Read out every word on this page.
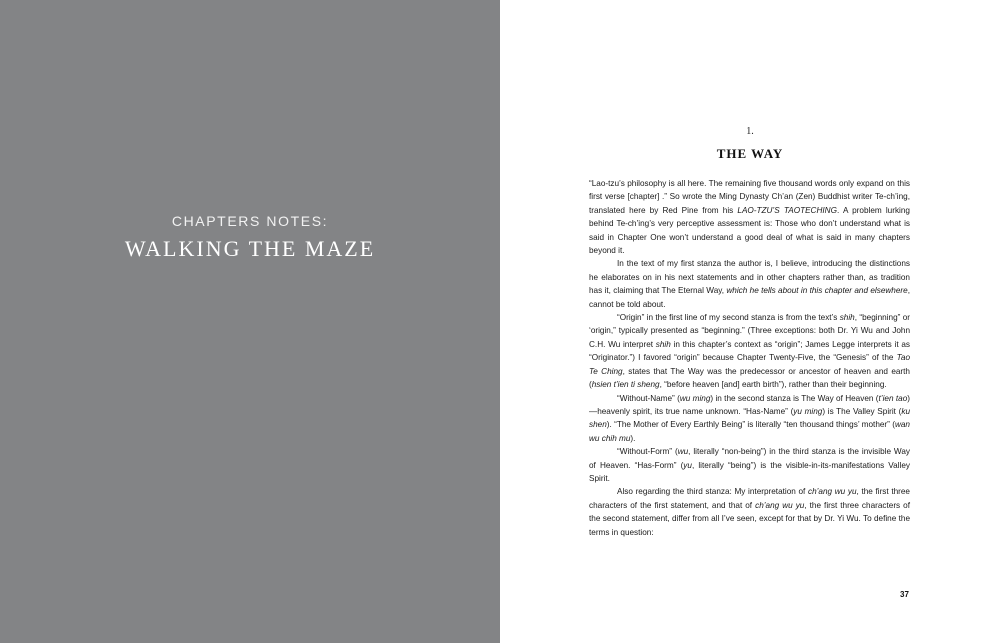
CHAPTERS NOTES:
WALKING THE MAZE
1.
THE WAY

“Lao-tzu’s philosophy is all here. The remaining five thousand words only expand on this first verse [chapter] .” So wrote the Ming Dynasty Ch’an (Zen) Buddhist writer Te-ch’ing, translated here by Red Pine from his LAO-TZU’S TAOTECHING. A problem lurking behind Te-ch’ing’s very perceptive assessment is: Those who don’t understand what is said in Chapter One won’t understand a good deal of what is said in many chapters beyond it.

In the text of my first stanza the author is, I believe, introducing the distinctions he elaborates on in his next statements and in other chapters rather than, as tradition has it, claiming that The Eternal Way, which he tells about in this chapter and elsewhere, cannot be told about.

“Origin” in the first line of my second stanza is from the text’s shih, “beginning” or ‘origin,” typically presented as “beginning.” (Three exceptions: both Dr. Yi Wu and John C.H. Wu interpret shih in this chapter’s context as “origin”; James Legge interprets it as “Originator.”) I favored “origin” because Chapter Twenty-Five, the “Genesis” of the Tao Te Ching, states that The Way was the predecessor or ancestor of heaven and earth (hsien t’ien ti sheng, “before heaven [and] earth birth”), rather than their beginning.

“Without-Name” (wu ming) in the second stanza is The Way of Heaven (t’ien tao)—heavenly spirit, its true name unknown. “Has-Name” (yu ming) is The Valley Spirit (ku shen). “The Mother of Every Earthly Being” is literally “ten thousand things’ mother” (wan wu chih mu).

“Without-Form” (wu, literally “non-being”) in the third stanza is the invisible Way of Heaven. “Has-Form” (yu, literally “being”) is the visible-in-its-manifestations Valley Spirit.

Also regarding the third stanza: My interpretation of ch’ang wu yu, the first three characters of the first statement, and that of ch’ang wu yu, the first three characters of the second statement, differ from all I’ve seen, except for that by Dr. Yi Wu. To define the terms in question:

37
